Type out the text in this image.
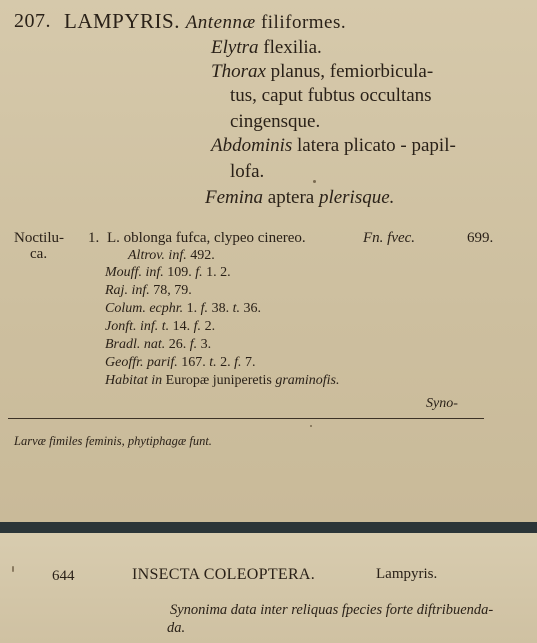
207. LAMPYRIS. Antennæ filiformes.
Elytra flexilia.
Thorax planus, femiorbicula-
tus, caput fubtus occultans
cingensque.
Abdominis latera plicato - papil-
lofa.
Femina aptera plerisque.
Noctilu-
ca.
1. L. oblonga fufca, clypeo cinereo.	Fn. fvec.	699.
Altrov. inf. 492.
Mouff. inf. 109. f. 1. 2.
Raj. inf. 78, 79.
Colum. ecphr. 1. f. 38. t. 36.
Jonft. inf. t. 14. f. 2.
Bradl. nat. 26. f. 3.
Geoffr. parif. 167. t. 2. f. 7.
Habitat in Europæ juniperetis graminofis.
Syno-
Larvæ fimiles feminis, phytiphagæ funt.
644	INSECTA COLEOPTERA.	Lampyris.
Synonima data inter reliquas fpecies forte diftribuenda-
da.
